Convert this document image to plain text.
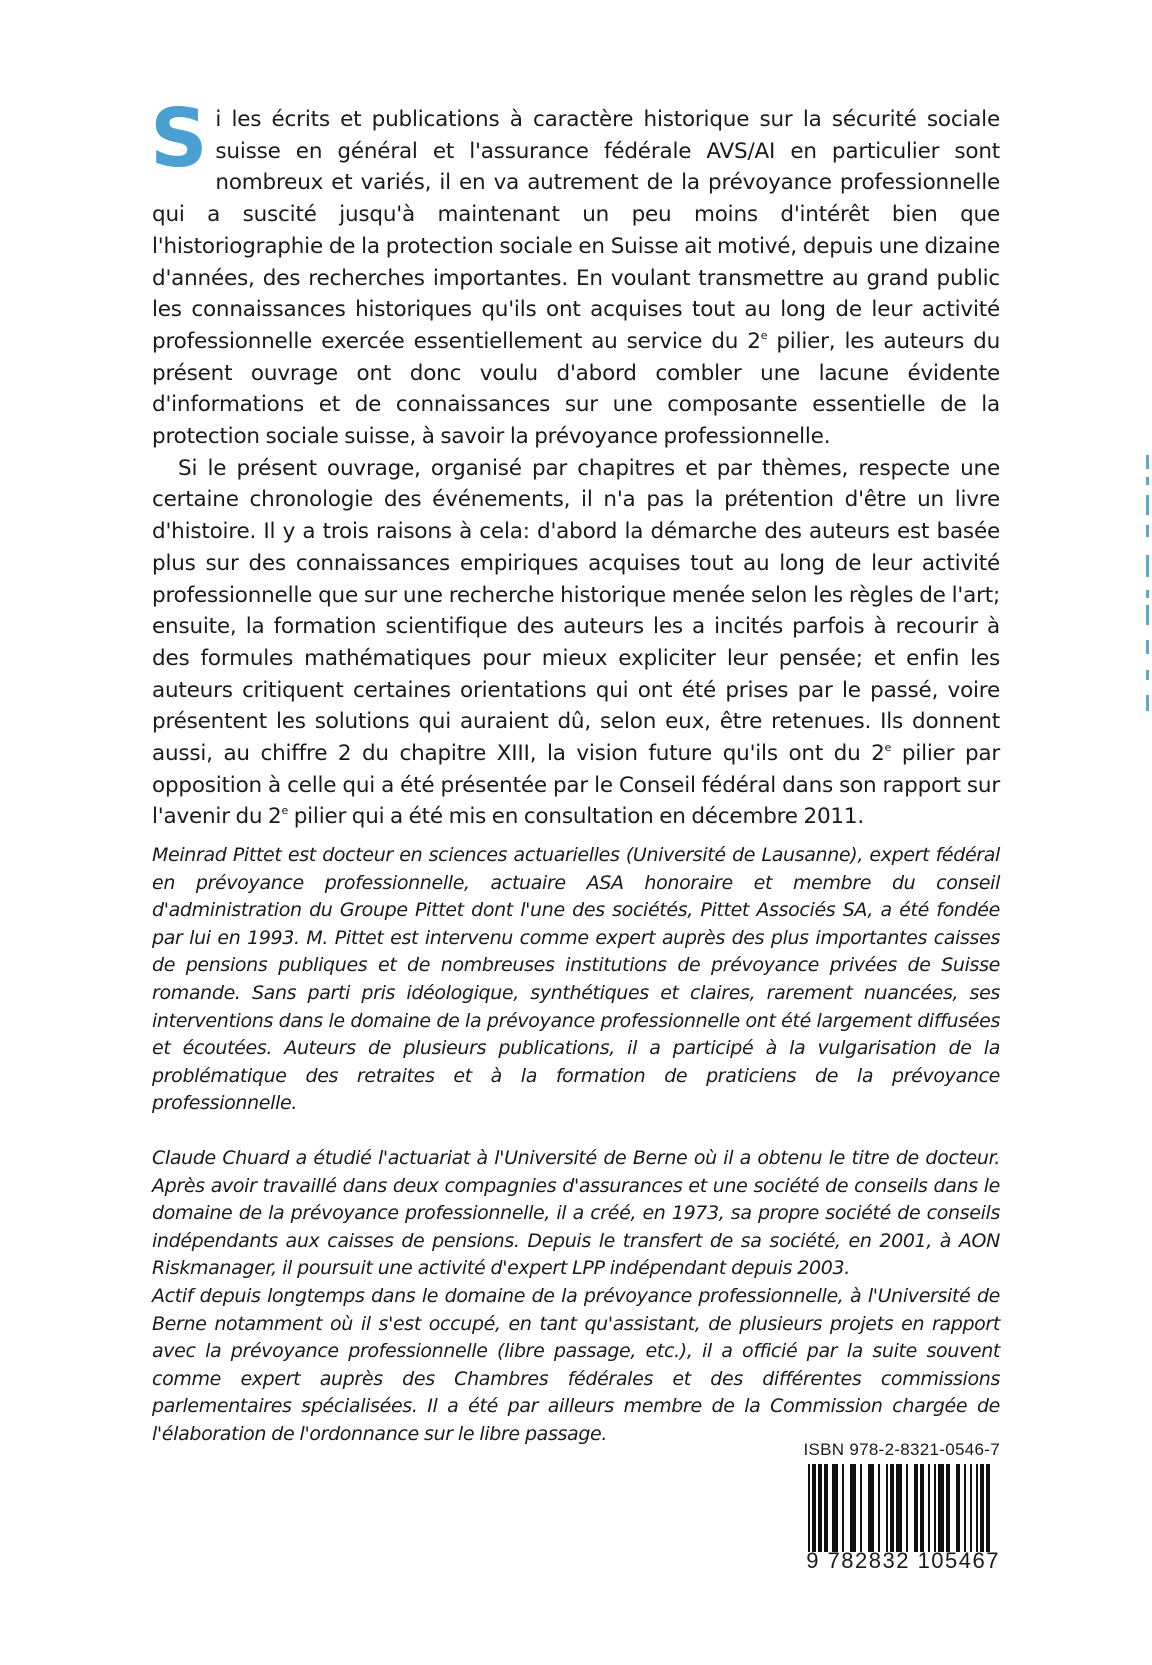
Si les écrits et publications à caractère historique sur la sécurité sociale suisse en général et l'assurance fédérale AVS/AI en particulier sont nombreux et variés, il en va autrement de la prévoyance professionnelle qui a suscité jusqu'à maintenant un peu moins d'intérêt bien que l'historiographie de la protection sociale en Suisse ait motivé, depuis une dizaine d'années, des recherches importantes. En voulant transmettre au grand public les connaissances historiques qu'ils ont acquises tout au long de leur activité professionnelle exercée essentiellement au service du 2e pilier, les auteurs du présent ouvrage ont donc voulu d'abord combler une lacune évidente d'informations et de connaissances sur une composante essentielle de la protection sociale suisse, à savoir la prévoyance professionnelle.

Si le présent ouvrage, organisé par chapitres et par thèmes, respecte une certaine chronologie des événements, il n'a pas la prétention d'être un livre d'histoire. Il y a trois raisons à cela: d'abord la démarche des auteurs est basée plus sur des connaissances empiriques acquises tout au long de leur activité professionnelle que sur une recherche historique menée selon les règles de l'art; ensuite, la formation scientifique des auteurs les a incités parfois à recourir à des formules mathématiques pour mieux expliciter leur pensée; et enfin les auteurs critiquent certaines orientations qui ont été prises par le passé, voire présentent les solutions qui auraient dû, selon eux, être retenues. Ils donnent aussi, au chiffre 2 du chapitre XIII, la vision future qu'ils ont du 2e pilier par opposition à celle qui a été présentée par le Conseil fédéral dans son rapport sur l'avenir du 2e pilier qui a été mis en consultation en décembre 2011.

Meinrad Pittet est docteur en sciences actuarielles (Université de Lausanne), expert fédéral en prévoyance professionnelle, actuaire ASA honoraire et membre du conseil d'administration du Groupe Pittet dont l'une des sociétés, Pittet Associés SA, a été fondée par lui en 1993. M. Pittet est intervenu comme expert auprès des plus importantes caisses de pensions publiques et de nombreuses institutions de prévoyance privées de Suisse romande. Sans parti pris idéologique, synthétiques et claires, rarement nuancées, ses interventions dans le domaine de la prévoyance professionnelle ont été largement diffusées et écoutées. Auteurs de plusieurs publications, il a participé à la vulgarisation de la problématique des retraites et à la formation de praticiens de la prévoyance professionnelle.

Claude Chuard a étudié l'actuariat à l'Université de Berne où il a obtenu le titre de docteur. Après avoir travaillé dans deux compagnies d'assurances et une société de conseils dans le domaine de la prévoyance professionnelle, il a créé, en 1973, sa propre société de conseils indépendants aux caisses de pensions. Depuis le transfert de sa société, en 2001, à AON Riskmanager, il poursuit une activité d'expert LPP indépendant depuis 2003.

Actif depuis longtemps dans le domaine de la prévoyance professionnelle, à l'Université de Berne notamment où il s'est occupé, en tant qu'assistant, de plusieurs projets en rapport avec la prévoyance professionnelle (libre passage, etc.), il a officié par la suite souvent comme expert auprès des Chambres fédérales et des différentes commissions parlementaires spécialisées. Il a été par ailleurs membre de la Commission chargée de l'élaboration de l'ordonnance sur le libre passage.

ISBN 978-2-8321-0546-7
9 782832 105467
